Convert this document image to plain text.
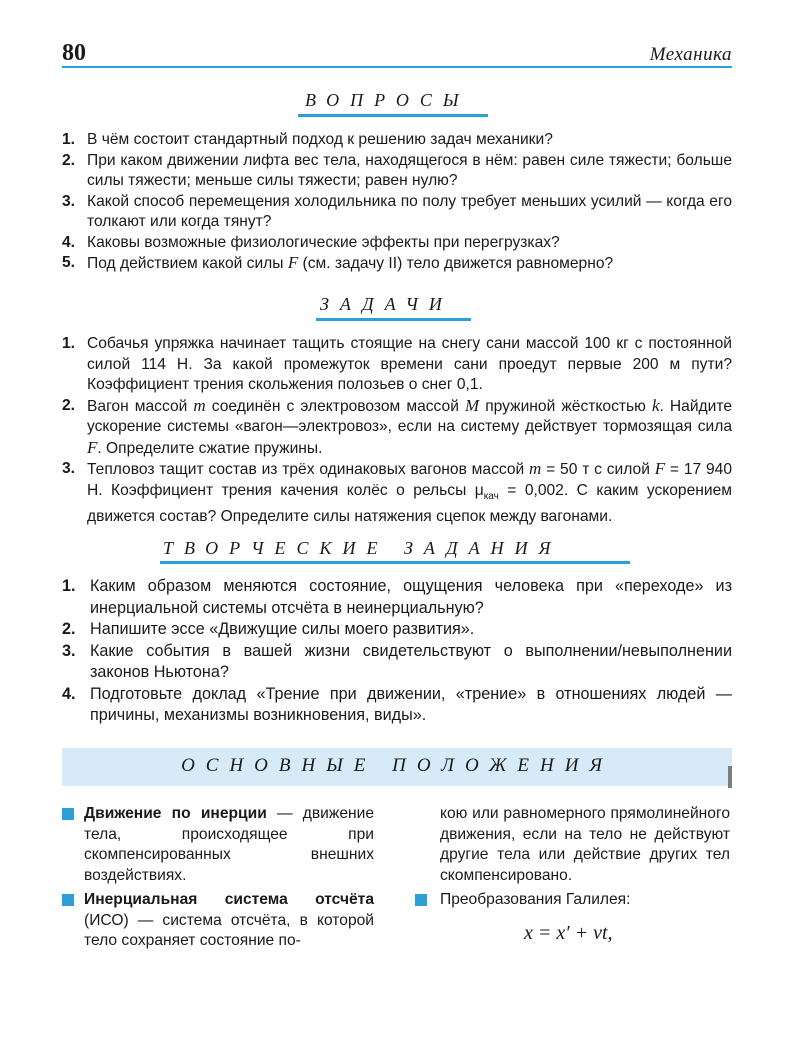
80	Механика
ВОПРОСЫ
1. В чём состоит стандартный подход к решению задач механики?
2. При каком движении лифта вес тела, находящегося в нём: равен силе тяжести; больше силы тяжести; меньше силы тяжести; равен нулю?
3. Какой способ перемещения холодильника по полу требует меньших усилий — когда его толкают или когда тянут?
4. Каковы возможные физиологические эффекты при перегрузках?
5. Под действием какой силы F (см. задачу II) тело движется равномерно?
ЗАДАЧИ
1. Собачья упряжка начинает тащить стоящие на снегу сани массой 100 кг с постоянной силой 114 Н. За какой промежуток времени сани проедут первые 200 м пути? Коэффициент трения скольжения полозьев о снег 0,1.
2. Вагон массой m соединён с электровозом массой M пружиной жёсткостью k. Найдите ускорение системы «вагон—электровоз», если на систему действует тормозящая сила F. Определите сжатие пружины.
3. Тепловоз тащит состав из трёх одинаковых вагонов массой m = 50 т с силой F = 17 940 Н. Коэффициент трения качения колёс о рельсы $\mu_{кач} = 0,002$. С каким ускорением движется состав? Определите силы натяжения сцепок между вагонами.
ТВОРЧЕСКИЕ ЗАДАНИЯ
1. Каким образом меняются состояние, ощущения человека при «переходе» из инерциальной системы отсчёта в неинерциальную?
2. Напишите эссе «Движущие силы моего развития».
3. Какие события в вашей жизни свидетельствуют о выполнении/невыполнении законов Ньютона?
4. Подготовьте доклад «Трение при движении, «трение» в отношениях людей — причины, механизмы возникновения, виды».
ОСНОВНЫЕ ПОЛОЖЕНИЯ
Движение по инерции — движение тела, происходящее при скомпенсированных внешних воздействиях.
Инерциальная система отсчёта (ИСО) — система отсчёта, в которой тело сохраняет состояние по-
кою или равномерного прямолинейного движения, если на тело не действуют другие тела или действие других тел скомпенсировано.
Преобразования Галилея:
x = x′ + vt,
